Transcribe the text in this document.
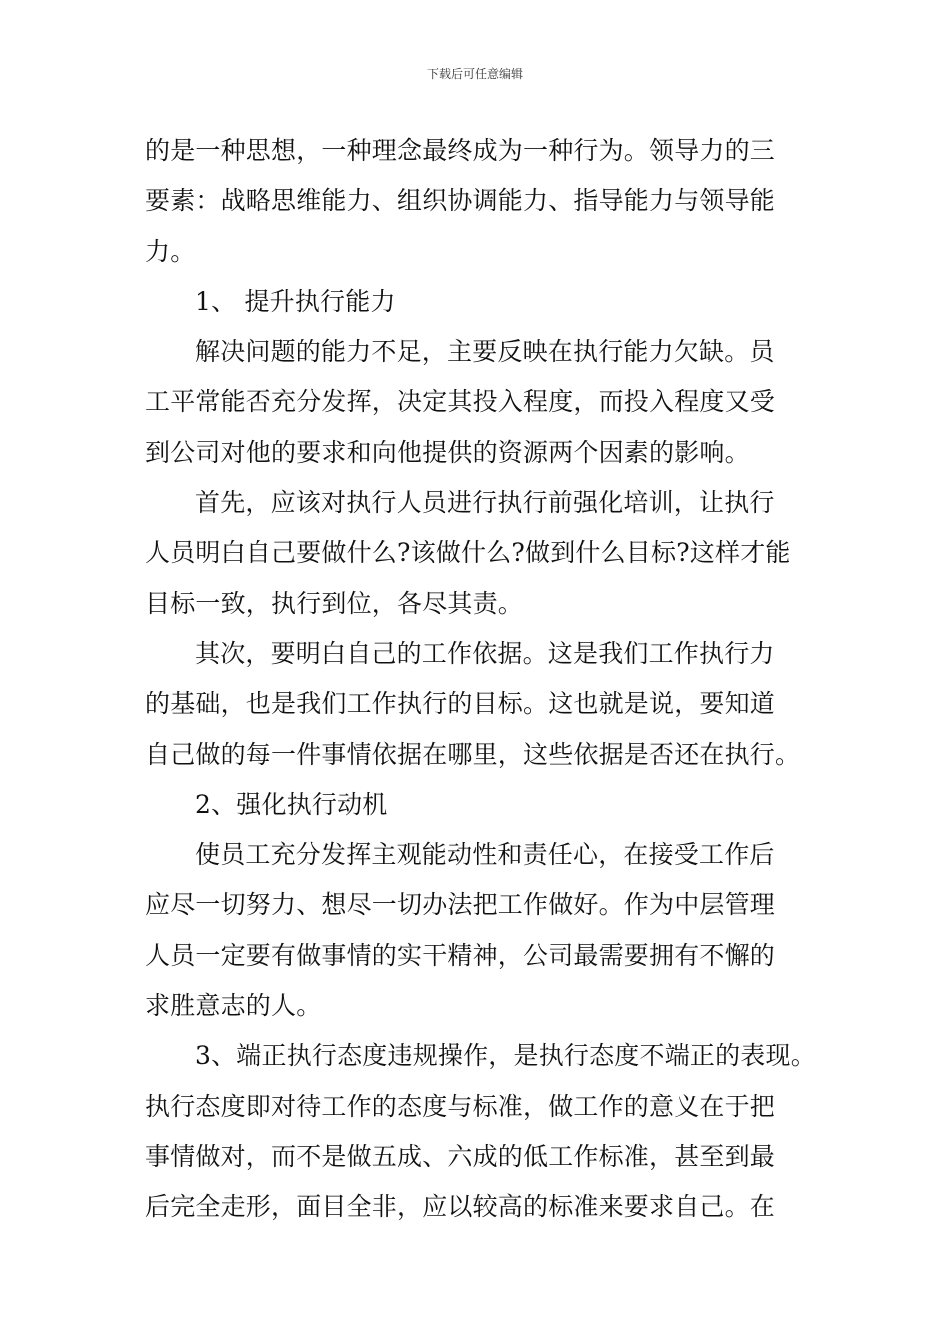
下载后可任意编辑
的是一种思想，一种理念最终成为一种行为。领导力的三
要素：战略思维能力、组织协调能力、指导能力与领导能
力。
1、 提升执行能力
解决问题的能力不足，主要反映在执行能力欠缺。员
工平常能否充分发挥，决定其投入程度，而投入程度又受
到公司对他的要求和向他提供的资源两个因素的影响。
首先，应该对执行人员进行执行前强化培训，让执行
人员明白自己要做什么?该做什么?做到什么目标?这样才能
目标一致，执行到位，各尽其责。
其次，要明白自己的工作依据。这是我们工作执行力
的基础，也是我们工作执行的目标。这也就是说，要知道
自己做的每一件事情依据在哪里，这些依据是否还在执行。
2、强化执行动机
使员工充分发挥主观能动性和责任心，在接受工作后
应尽一切努力、想尽一切办法把工作做好。作为中层管理
人员一定要有做事情的实干精神，公司最需要拥有不懈的
求胜意志的人。
3、端正执行态度违规操作，是执行态度不端正的表现。
执行态度即对待工作的态度与标准，做工作的意义在于把
事情做对，而不是做五成、六成的低工作标准，甚至到最
后完全走形，面目全非，应以较高的标准来要求自己。在
